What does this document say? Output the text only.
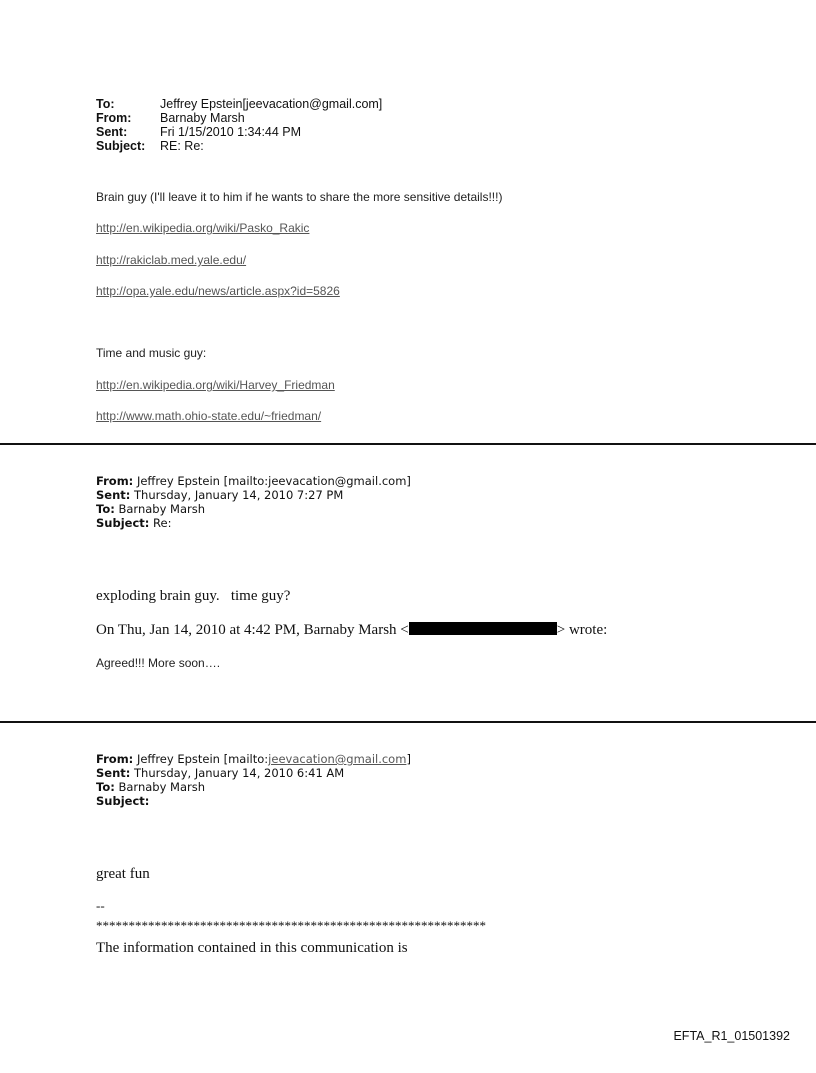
To:	Jeffrey Epstein[jeevacation@gmail.com]
From: Barnaby Marsh
Sent:	Fri 1/15/2010 1:34:44 PM
Subject: RE: Re:
Brain guy (I'll leave it to him if he wants to share the more sensitive details!!!)
http://en.wikipedia.org/wiki/Pasko_Rakic
http://rakiclab.med.yale.edu/
http://opa.yale.edu/news/article.aspx?id=5826
Time and music guy:
http://en.wikipedia.org/wiki/Harvey_Friedman
http://www.math.ohio-state.edu/~friedman/
From: Jeffrey Epstein [mailto:jeevacation@gmail.com]
Sent: Thursday, January 14, 2010 7:27 PM
To: Barnaby Marsh
Subject: Re:
exploding brain guy.   time guy?
On Thu, Jan 14, 2010 at 4:42 PM, Barnaby Marsh <	> wrote:
Agreed!!! More soon….
From: Jeffrey Epstein [mailto:jeevacation@gmail.com]
Sent: Thursday, January 14, 2010 6:41 AM
To: Barnaby Marsh
Subject:
great fun
--
************************************************************
The information contained in this communication is
EFTA_R1_01501392
